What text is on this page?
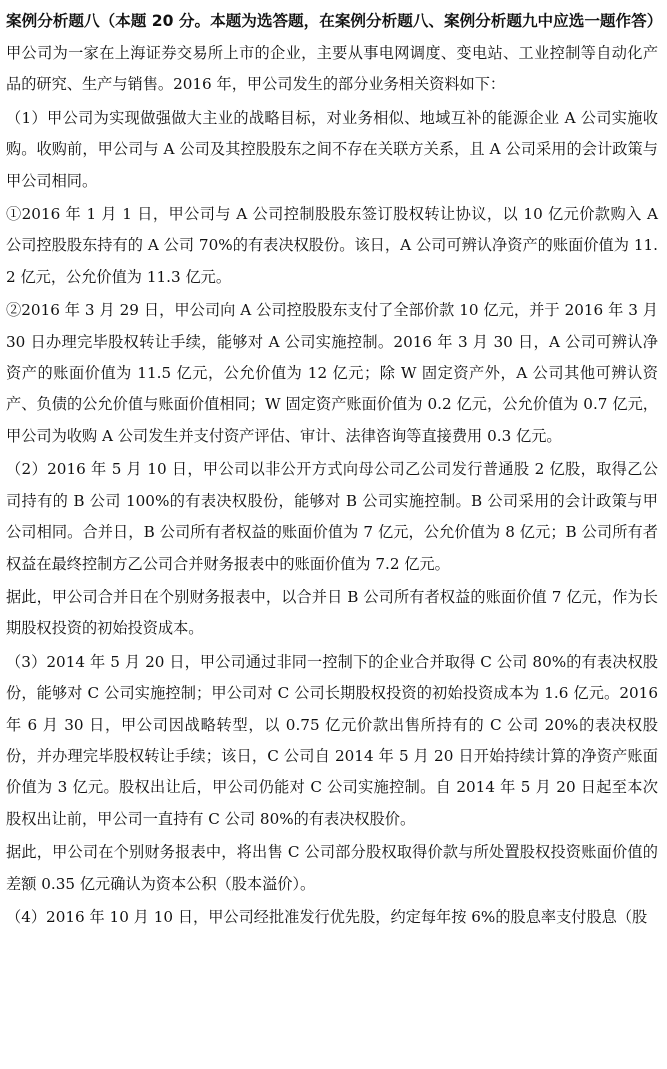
案例分析题八（本题 20 分。本题为选答题，在案例分析题八、案例分析题九中应选一题作答）

甲公司为一家在上海证券交易所上市的企业，主要从事电网调度、变电站、工业控制等自动化产品的研究、生产与销售。2016 年，甲公司发生的部分业务相关资料如下：

（1）甲公司为实现做强做大主业的战略目标，对业务相似、地域互补的能源企业 A 公司实施收购。收购前，甲公司与 A 公司及其控股股东之间不存在关联方关系，且 A 公司采用的会计政策与甲公司相同。

①2016 年 1 月 1 日，甲公司与 A 公司控制股股东签订股权转让协议，以 10 亿元价款购入 A 公司控股股东持有的 A 公司 70%的有表决权股份。该日，A 公司可辨认净资产的账面价值为 11.2 亿元，公允价值为 11.3 亿元。

②2016 年 3 月 29 日，甲公司向 A 公司控股股东支付了全部价款 10 亿元，并于 2016 年 3 月 30 日办理完毕股权转让手续，能够对 A 公司实施控制。2016 年 3 月 30 日，A 公司可辨认净资产的账面价值为 11.5 亿元，公允价值为 12 亿元；除 W 固定资产外，A 公司其他可辨认资产、负债的公允价值与账面价值相同；W 固定资产账面价值为 0.2 亿元，公允价值为 0.7 亿元，甲公司为收购 A 公司发生并支付资产评估、审计、法律咨询等直接费用 0.3 亿元。

（2）2016 年 5 月 10 日，甲公司以非公开方式向母公司乙公司发行普通股 2 亿股，取得乙公司持有的 B 公司 100%的有表决权股份，能够对 B 公司实施控制。B 公司采用的会计政策与甲公司相同。合并日，B 公司所有者权益的账面价值为 7 亿元，公允价值为 8 亿元；B 公司所有者权益在最终控制方乙公司合并财务报表中的账面价值为 7.2 亿元。

据此，甲公司合并日在个别财务报表中，以合并日 B 公司所有者权益的账面价值 7 亿元，作为长期股权投资的初始投资成本。

（3）2014 年 5 月 20 日，甲公司通过非同一控制下的企业合并取得 C 公司 80%的有表决权股份，能够对 C 公司实施控制；甲公司对 C 公司长期股权投资的初始投资成本为 1.6 亿元。2016 年 6 月 30 日，甲公司因战略转型，以 0.75 亿元价款出售所持有的 C 公司 20%的表决权股份，并办理完毕股权转让手续；该日，C 公司自 2014 年 5 月 20 日开始持续计算的净资产账面价值为 3 亿元。股权出让后，甲公司仍能对 C 公司实施控制。自 2014 年 5 月 20 日起至本次股权出让前，甲公司一直持有 C 公司 80%的有表决权股价。

据此，甲公司在个别财务报表中，将出售 C 公司部分股权取得价款与所处置股权投资账面价值的差额 0.35 亿元确认为资本公积（股本溢价）。

（4）2016 年 10 月 10 日，甲公司经批准发行优先股，约定每年按 6%的股息率支付股息（股
